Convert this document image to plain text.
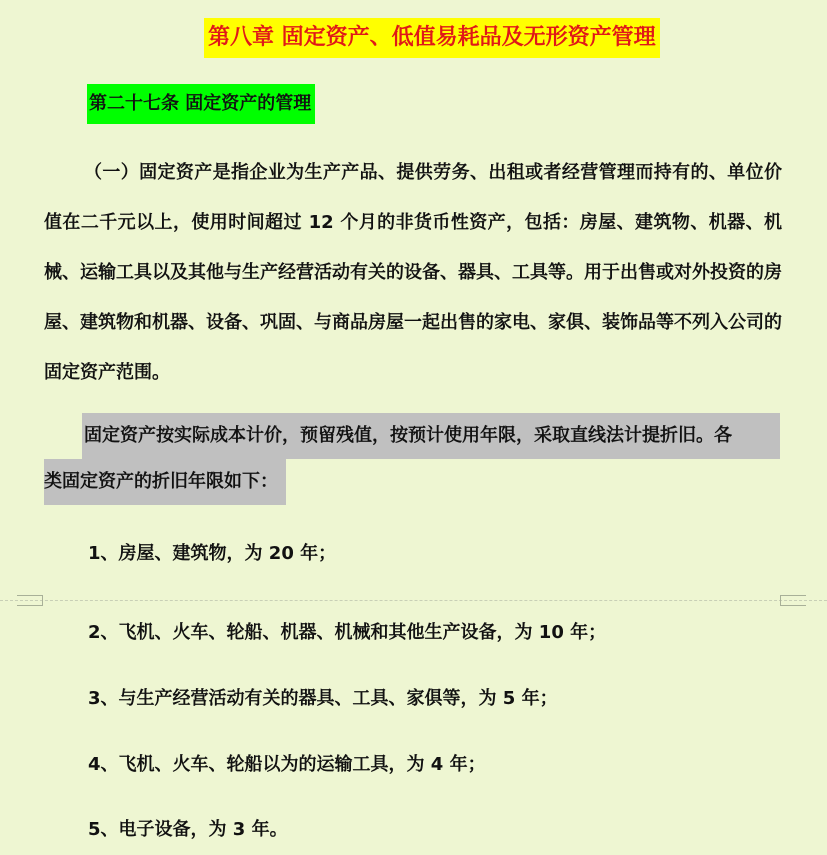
第八章 固定资产、低值易耗品及无形资产管理
第二十七条 固定资产的管理

（一）固定资产是指企业为生产产品、提供劳务、出租或者经营管理而持有的、单位价值在二千元以上，使用时间超过 12 个月的非货币性资产，包括：房屋、建筑物、机器、机械、运输工具以及其他与生产经营活动有关的设备、器具、工具等。用于出售或对外投资的房屋、建筑物和机器、设备、巩固、与商品房屋一起出售的家电、家俱、装饰品等不列入公司的固定资产范围。

固定资产按实际成本计价，预留残值，按预计使用年限，采取直线法计提折旧。各
类固定资产的折旧年限如下：
1、房屋、建筑物，为 20 年；
2、飞机、火车、轮船、机器、机械和其他生产设备，为 10 年；
3、与生产经营活动有关的器具、工具、家俱等，为 5 年；
4、飞机、火车、轮船以为的运输工具，为 4 年；
5、电子设备，为 3 年。
